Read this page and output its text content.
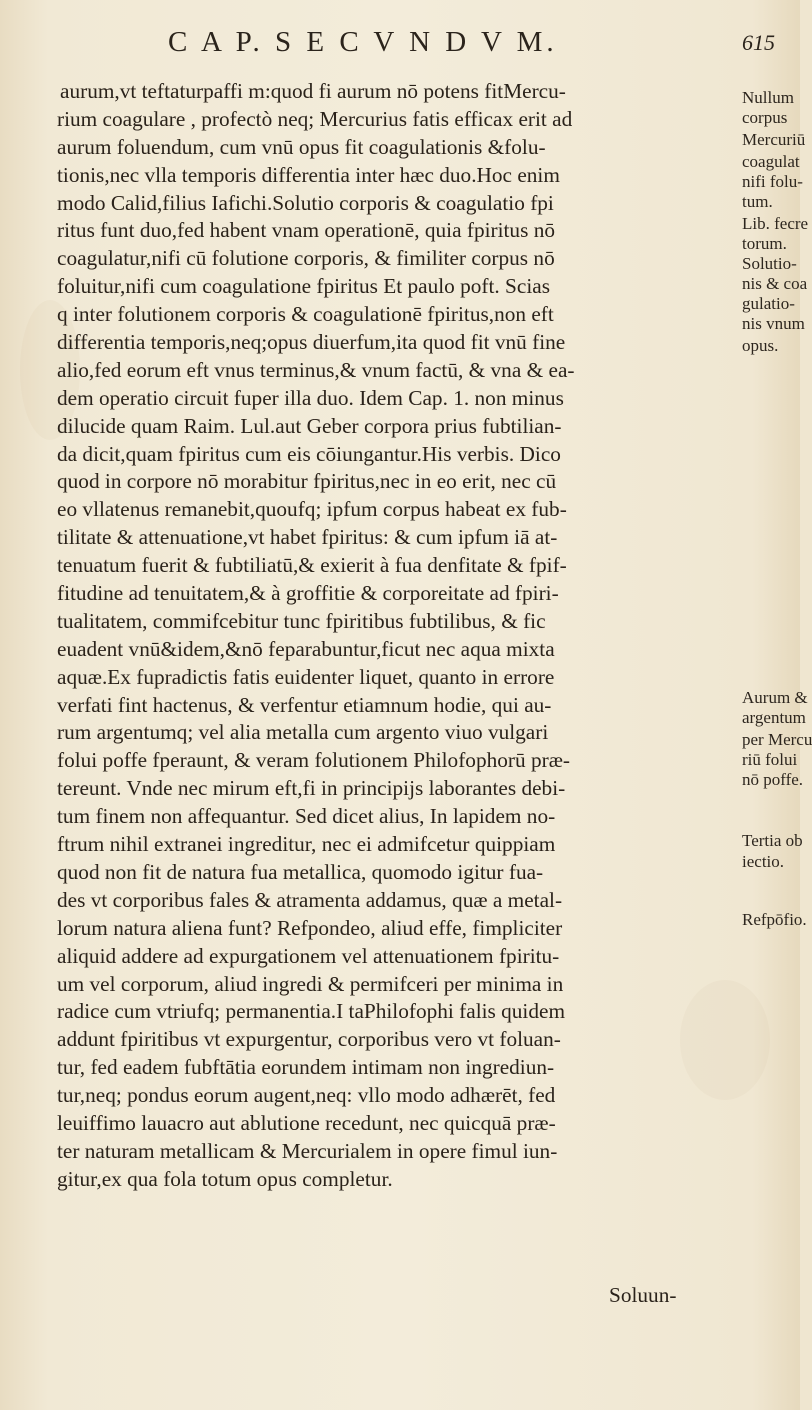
C A P. S E C V N D V M.	615
aurum,vt teftaturpaffi m:quod fi aurum nō potens fitMercu-
rium coagulare , profectò neq; Mercurius fatis efficax erit ad
aurum foluendum, cum vnū opus fit coagulationis &folu-
tionis,nec vlla temporis differentia inter hæc duo.Hoc enim
modo Calid,filius Iafichi.Solutio corporis & coagulatio fpi
ritus funt duo,fed habent vnam operationē, quia fpiritus nō
coagulatur,nifi cū folutione corporis, & fimiliter corpus nō
foluitur,nifi cum coagulatione fpiritus Et paulo poft. Scias
q inter folutionem corporis & coagulationē fpiritus,non eft
differentia temporis,neq;opus diuerfum,ita quod fit vnū fine
alio,fed eorum eft vnus terminus,& vnum factū, & vna & ea-
dem operatio circuit fuper illa duo. Idem Cap. 1. non minus
dilucide quam Raim. Lul.aut Geber corpora prius fubtilian-
da dicit,quam fpiritus cum eis cōiungantur.His verbis. Dico
quod in corpore nō morabitur fpiritus,nec in eo erit, nec cū
eo vllatenus remanebit,quoufq; ipfum corpus habeat ex fub-
tilitate & attenuatione,vt habet fpiritus: & cum ipfum iā at-
tenuatum fuerit & fubtiliatū,& exierit à fua denfitate & fpif-
fitudine ad tenuitatem,& à groffitie & corporeitate ad fpiri-
tualitatem, commifcebitur tunc fpiritibus fubtilibus, & fic
euadent vnū&idem,&nō feparabuntur,ficut nec aqua mixta
aquæ.Ex fupradictis fatis euidenter liquet, quanto in errore
verfati fint hactenus, & verfentur etiamnum hodie, qui au-
rum argentumq; vel alia metalla cum argento viuo vulgari
folui poffe fperaunt, & veram folutionem Philofophorū præ-
tereunt. Vnde nec mirum eft,fi in principijs laborantes debi-
tum finem non affequantur. Sed dicet alius, In lapidem no-
ftrum nihil extranei ingreditur, nec ei admifcetur quippiam
quod non fit de natura fua metallica, quomodo igitur fua-
des vt corporibus fales & atramenta addamus, quæ a metal-
lorum natura aliena funt? Refpondeo, aliud effe, fimpliciter
aliquid addere ad expurgationem vel attenuationem fpiritu-
um vel corporum, aliud ingredi & permifceri per minima in
radice cum vtriufq; permanentia.I taPhilofophi falis quidem
addunt fpiritibus vt expurgentur, corporibus vero vt foluan-
tur, fed eadem fubftātia eorundem intimam non ingrediun-
tur,neq; pondus eorum augent,neq: vllo modo adhærēt, fed
leuiffimo lauacro aut ablutione recedunt, nec quicquā præ-
ter naturam metallicam & Mercurialem in opere fimul iun-
gitur,ex qua fola totum opus completur.
Nullum
corpus
Mercuriū
coagulat
nifi folu-
tum.
Lib. fecre
torum.
Solutio-
nis & coa
gulatio-
nis vnum
opus.
Aurum &
argentum
per Mercu
riū folui
nō poffe.
Tertia ob
iectio.
Refpōfio.
Soluun-
